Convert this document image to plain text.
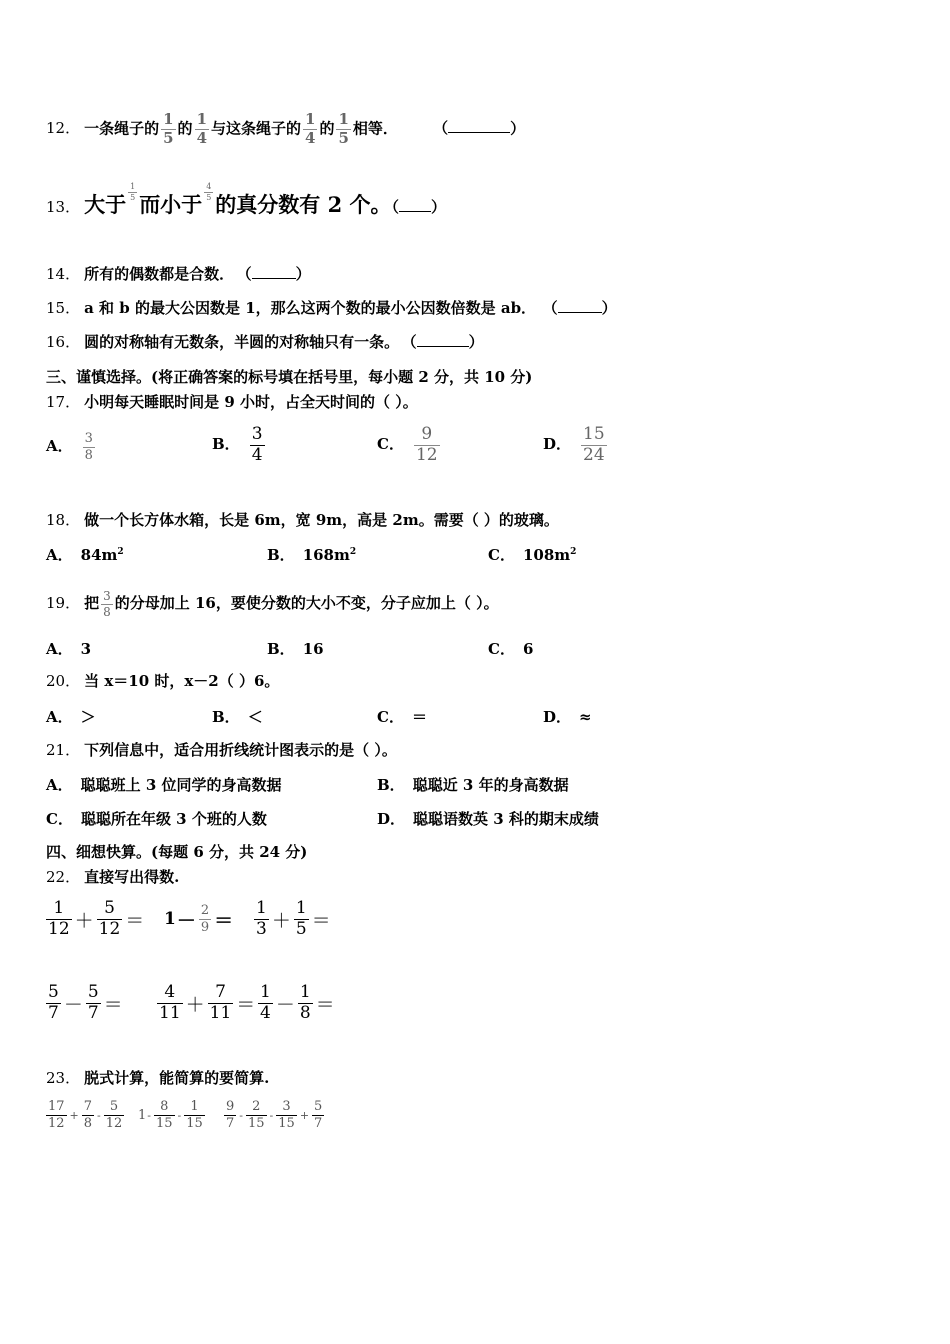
12． 一条绳子的 $\frac{1}{5}$ 的 $\frac{1}{4}$ 与这条绳子的 $\frac{1}{4}$ 的 $\frac{1}{5}$ 相等． （	）
13． 大于 $\frac{1}{5}$ 而小于 $\frac{4}{5}$ 的真分数有 2 个。（ ）
14． 所有的偶数都是合数． （	）
15． a 和 b 的最大公因数是 1，那么这两个数的最小公因数倍数是 ab． （	）
16． 圆的对称轴有无数条，半圆的对称轴只有一条。 （	）
三、谨慎选择。(将正确答案的标号填在括号里，每小题 2 分，共 10 分)
17． 小明每天睡眠时间是 9 小时，占全天时间的（ ）。
A． $\frac{3}{8}$	B． $\frac{3}{4}$	C． $\frac{9}{12}$	D． $\frac{15}{24}$
18． 做一个长方体水箱，长是 6m，宽 9m，高是 2m。需要（ ）的玻璃。
A． $84m^2$	B． $168m^2$	C． $108m^2$
19． 把 $\frac{3}{8}$ 的分母加上 16，要使分数的大小不变，分子应加上（ ）。
A． 3	B． 16	C． 6
20． 当 x＝10 时，x－2（ ）6。
A． ＞	B． ＜	C． ＝	D． ≈
21． 下列信息中，适合用折线统计图表示的是（ ）。
A． 聪聪班上 3 位同学的身高数据	B． 聪聪近 3 年的身高数据
C． 聪聪所在年级 3 个班的人数	D． 聪聪语数英 3 科的期末成绩
四、细想快算。(每题 6 分，共 24 分)
22． 直接写出得数.
$\frac{1}{12} + \frac{5}{12} = 1 - \frac{2}{9} = \frac{1}{3} + \frac{1}{5}$ ＝
$\frac{5}{7} - \frac{5}{7} = \frac{4}{11} + \frac{7}{11} = \frac{1}{4} - \frac{1}{8}$ ＝
23． 脱式计算，能简算的要简算.
$\frac{17}{12} + \frac{7}{8} - \frac{5}{12} 1 - \frac{8}{15} - \frac{1}{15} \frac{9}{7} - \frac{2}{15} - \frac{3}{15} + \frac{5}{7}$
